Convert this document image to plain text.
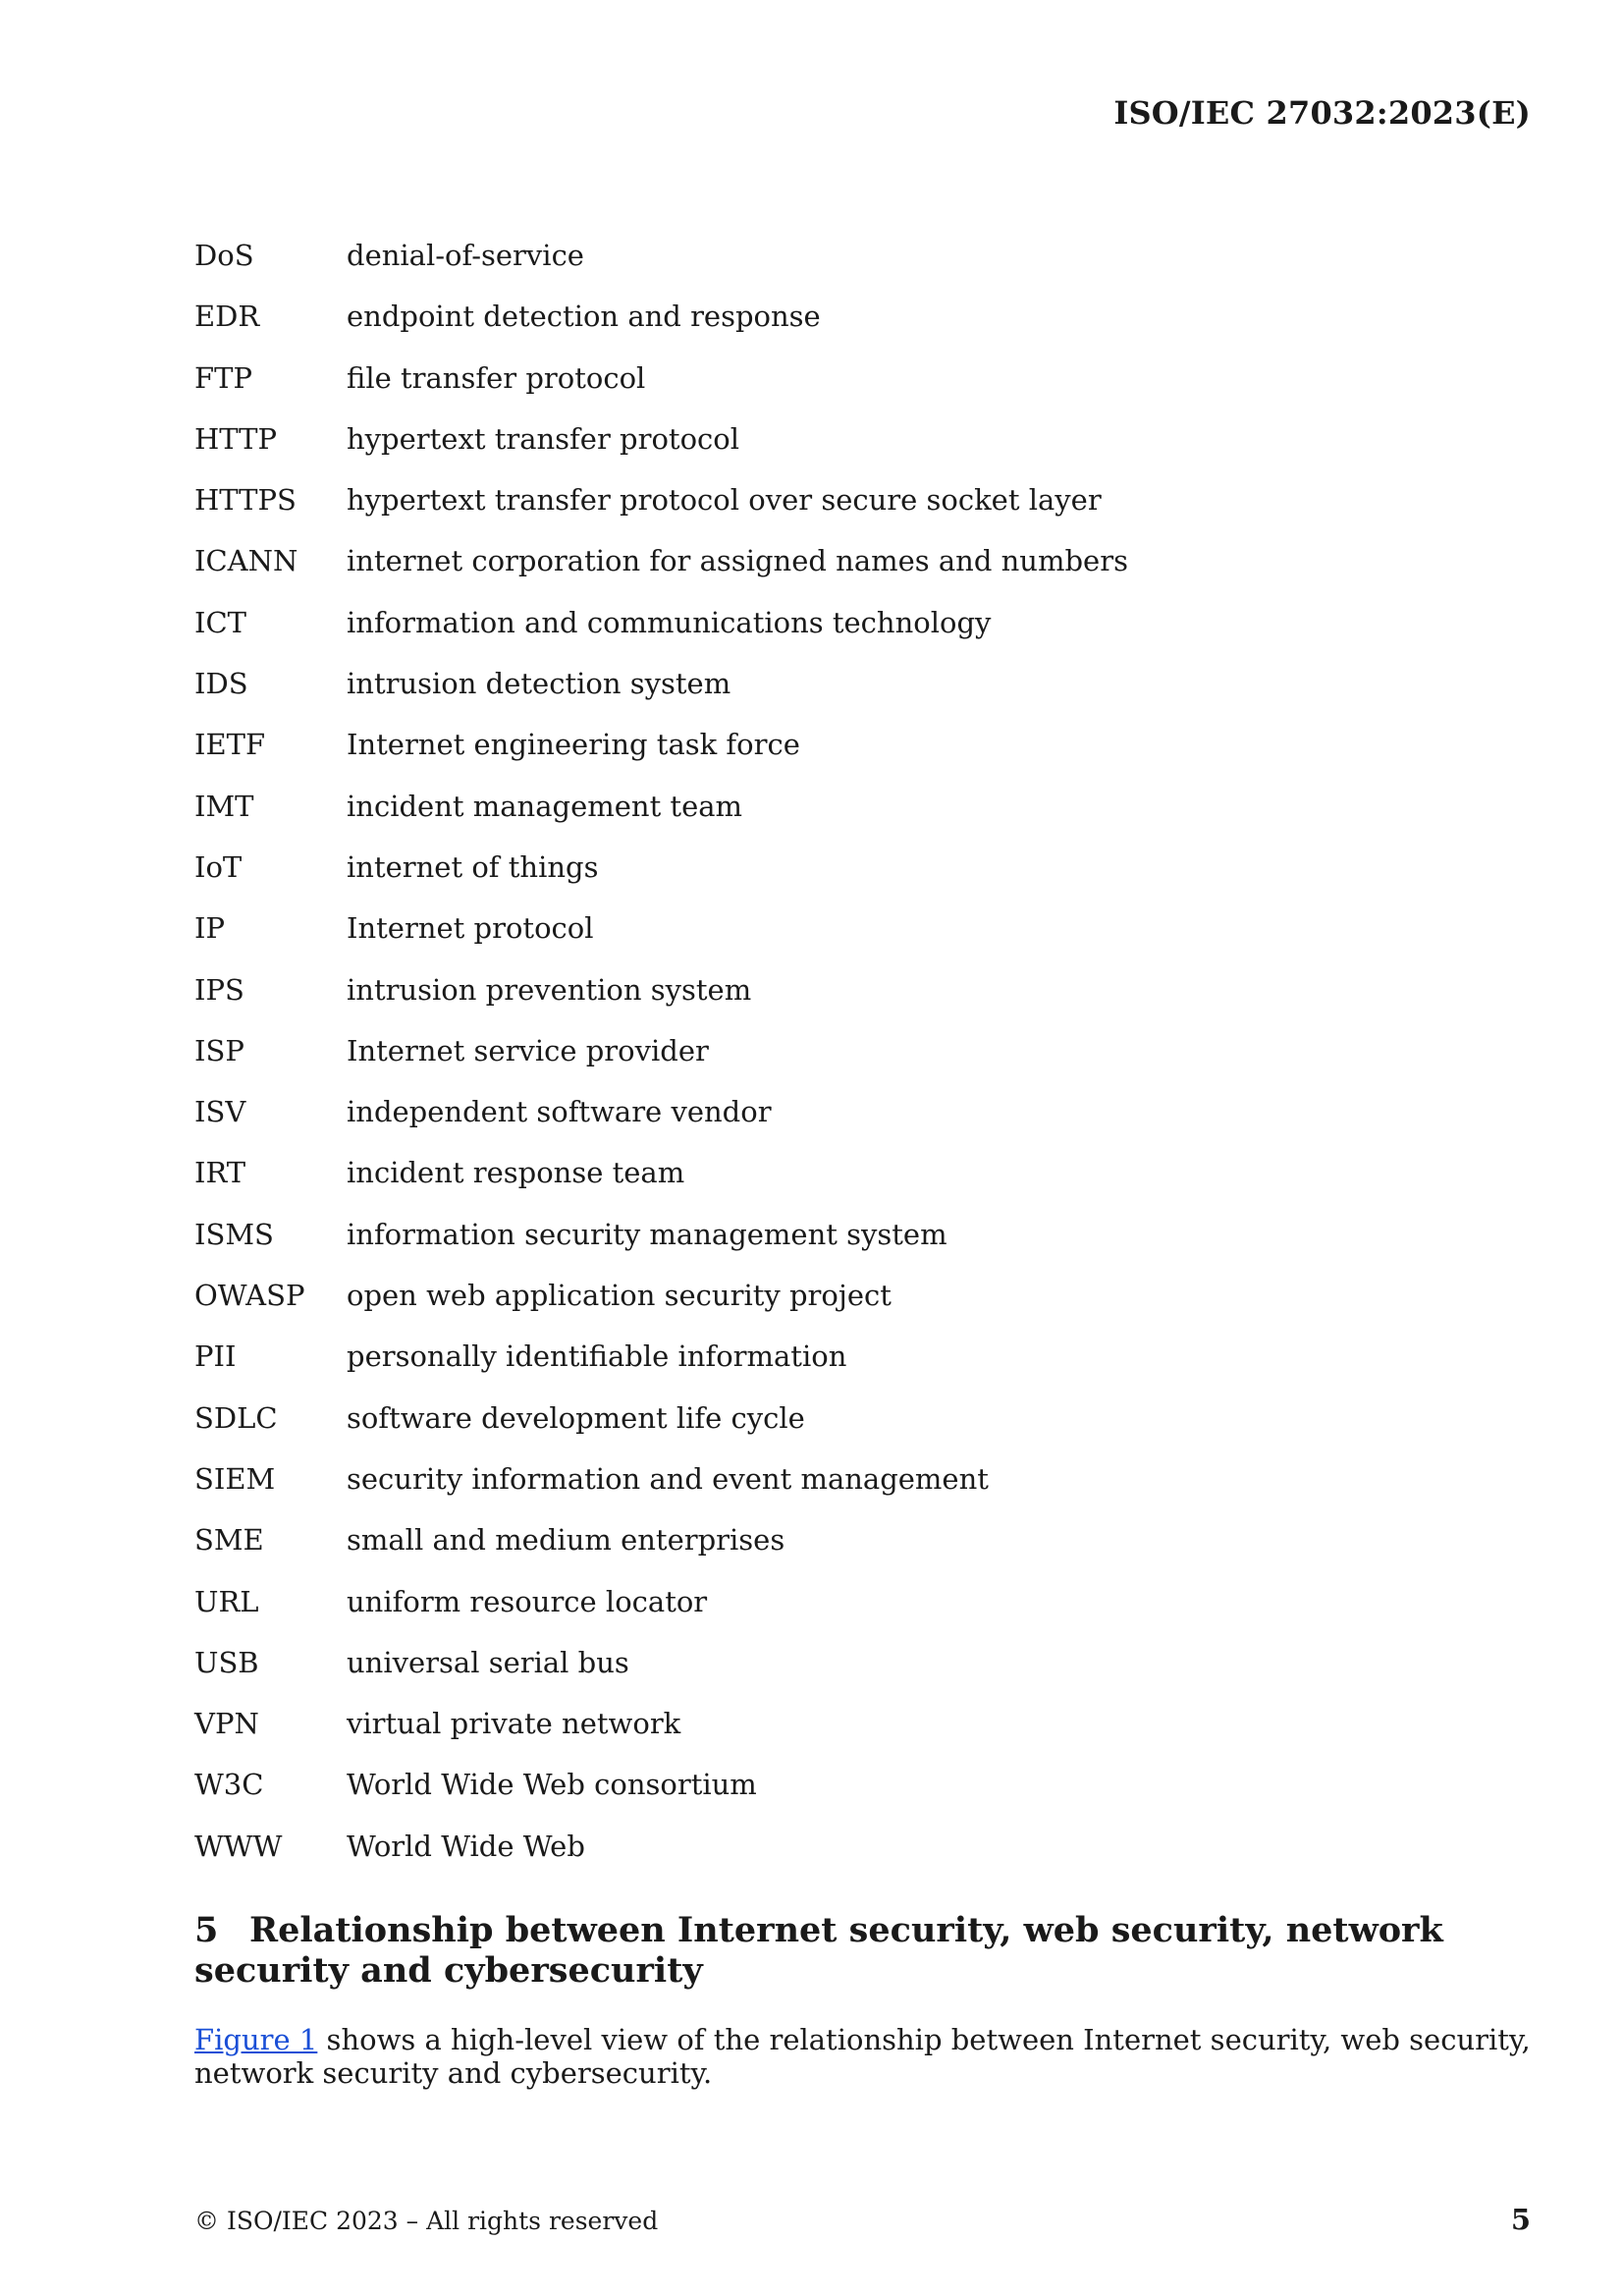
ISO/IEC 27032:2023(E)
DoS	denial-of-service
EDR	endpoint detection and response
FTP	file transfer protocol
HTTP	hypertext transfer protocol
HTTPS	hypertext transfer protocol over secure socket layer
ICANN	internet corporation for assigned names and numbers
ICT	information and communications technology
IDS	intrusion detection system
IETF	Internet engineering task force
IMT	incident management team
IoT	internet of things
IP	Internet protocol
IPS	intrusion prevention system
ISP	Internet service provider
ISV	independent software vendor
IRT	incident response team
ISMS	information security management system
OWASP	open web application security project
PII	personally identifiable information
SDLC	software development life cycle
SIEM	security information and event management
SME	small and medium enterprises
URL	uniform resource locator
USB	universal serial bus
VPN	virtual private network
W3C	World Wide Web consortium
WWW	World Wide Web
5 Relationship between Internet security, web security, network security and cybersecurity

Figure 1 shows a high-level view of the relationship between Internet security, web security, network security and cybersecurity.

© ISO/IEC 2023 – All rights reserved	5
